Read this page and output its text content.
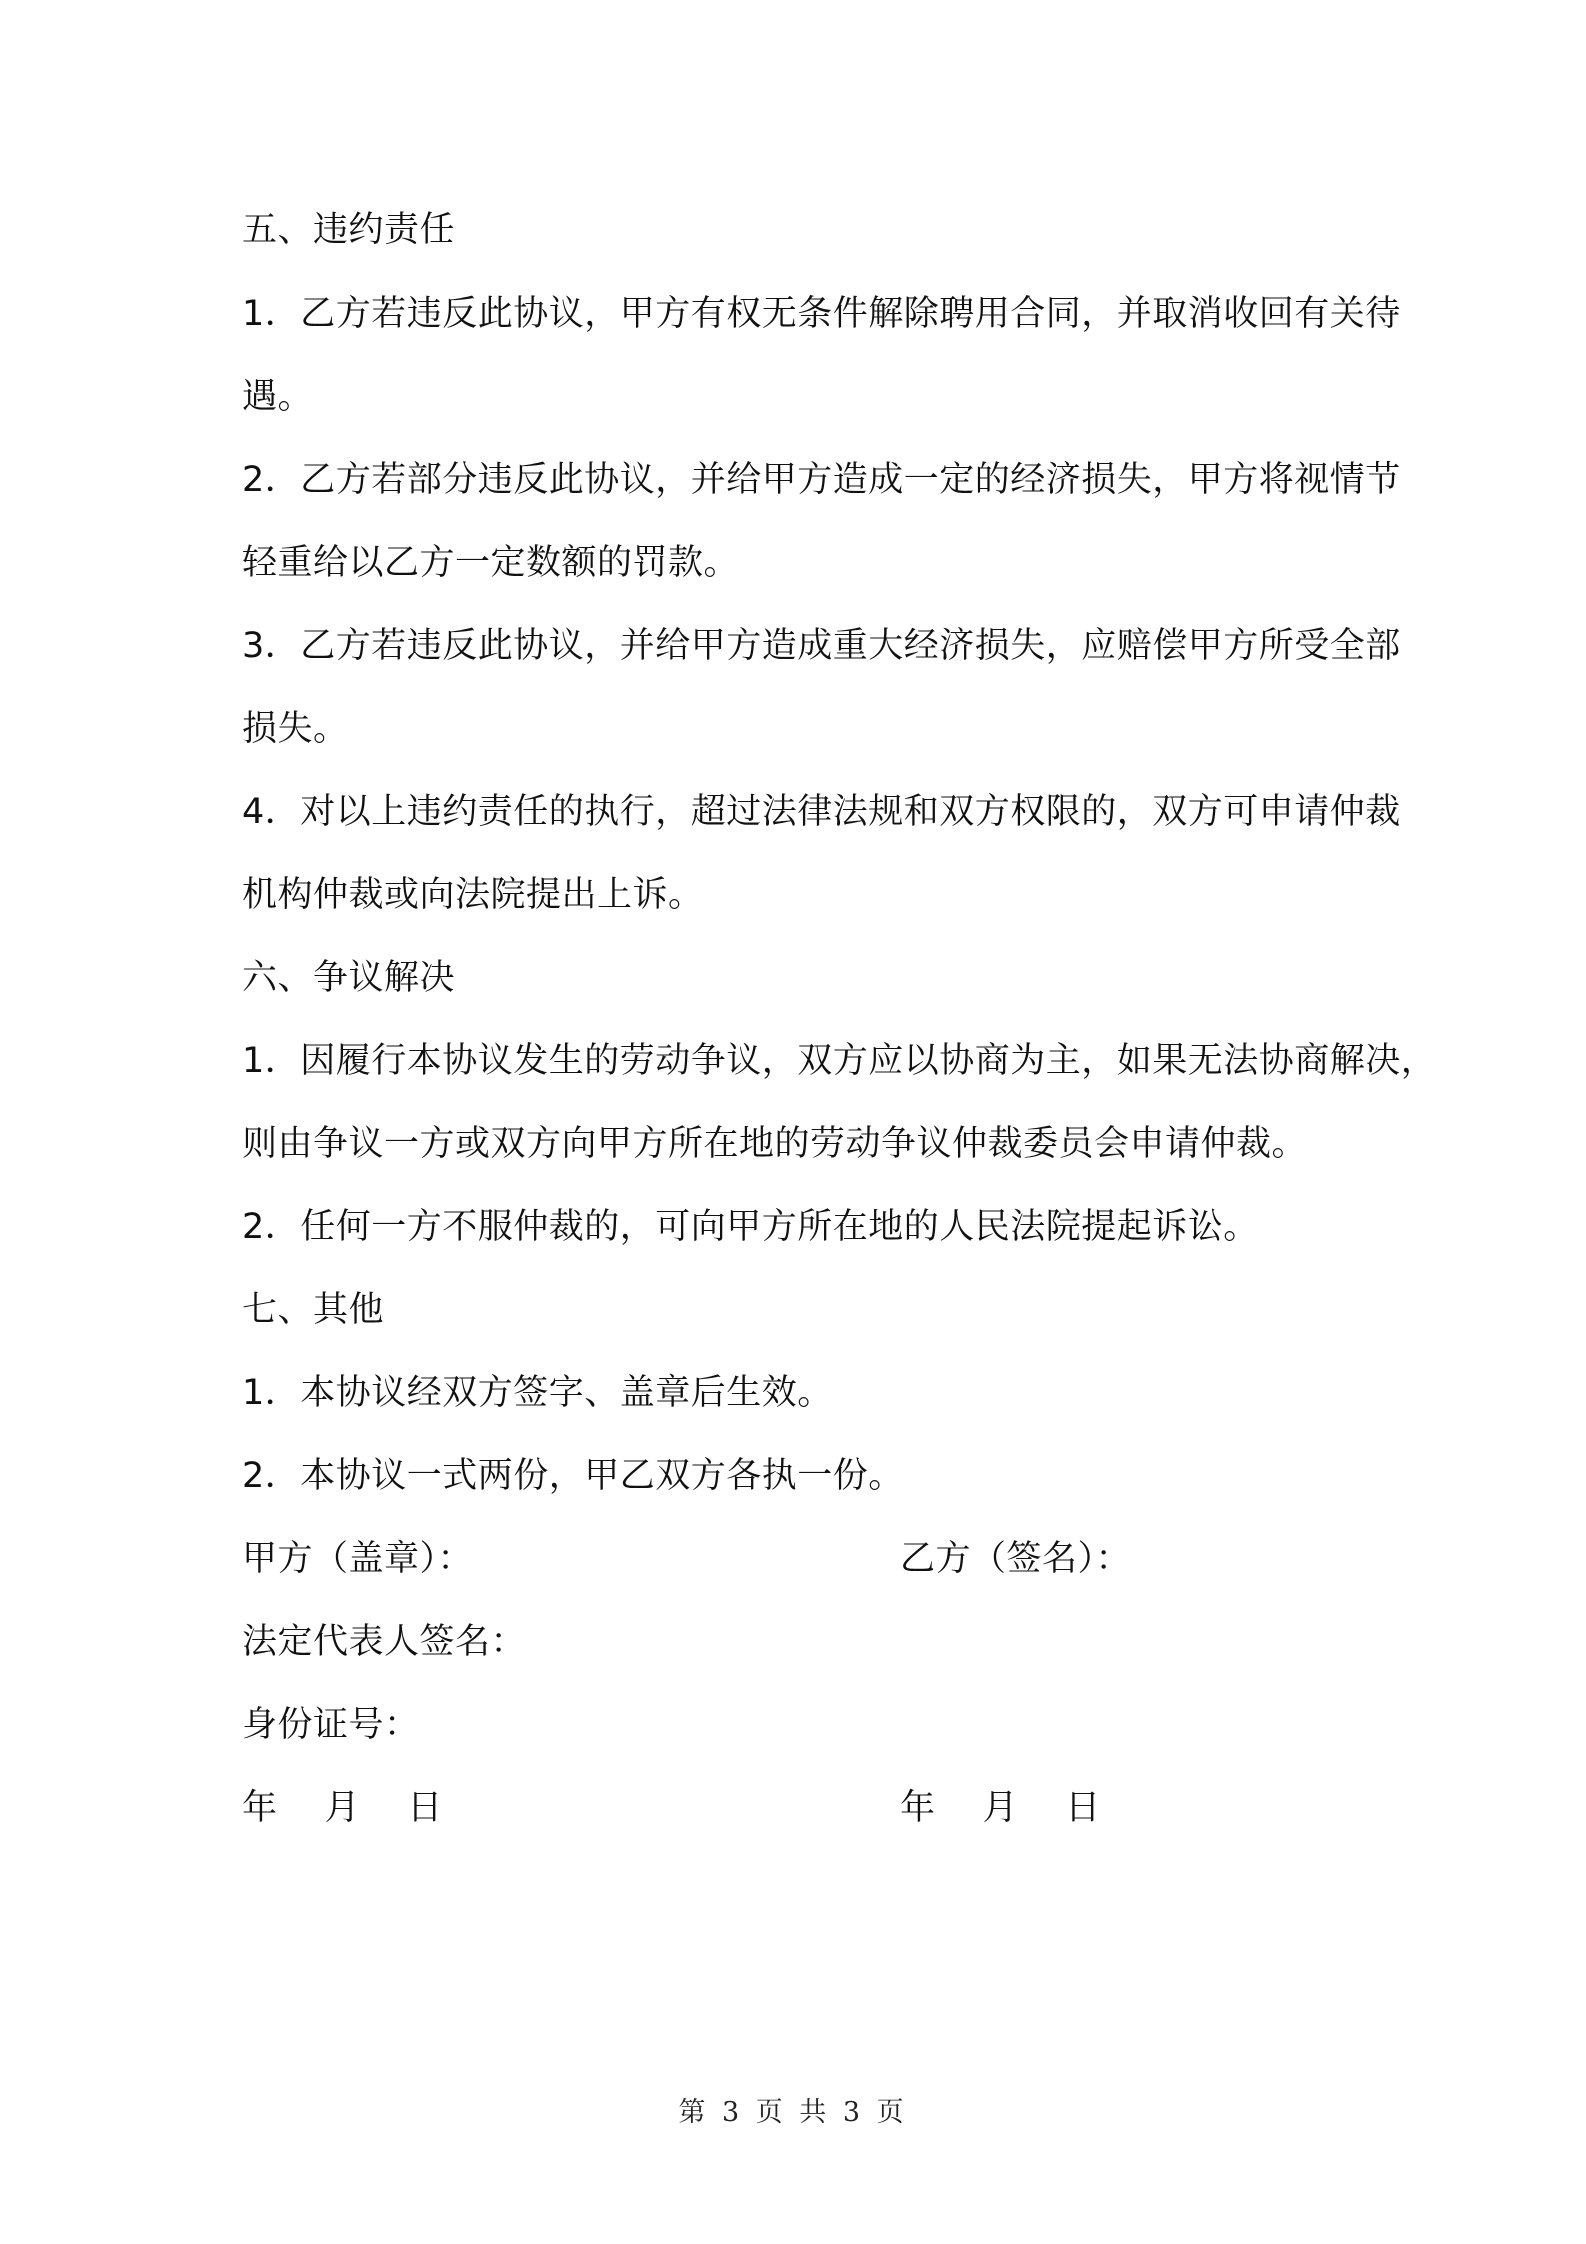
五、违约责任
1．乙方若违反此协议，甲方有权无条件解除聘用合同，并取消收回有关待
遇。
2．乙方若部分违反此协议，并给甲方造成一定的经济损失，甲方将视情节
轻重给以乙方一定数额的罚款。
3．乙方若违反此协议，并给甲方造成重大经济损失，应赔偿甲方所受全部
损失。
4．对以上违约责任的执行，超过法律法规和双方权限的，双方可申请仲裁
机构仲裁或向法院提出上诉。
六、争议解决
1．因履行本协议发生的劳动争议，双方应以协商为主，如果无法协商解决，
则由争议一方或双方向甲方所在地的劳动争议仲裁委员会申请仲裁。
2．任何一方不服仲裁的，可向甲方所在地的人民法院提起诉讼。
七、其他
1．本协议经双方签字、盖章后生效。
2．本协议一式两份，甲乙双方各执一份。
甲方（盖章）：	乙方（签名）：
法定代表人签名：
身份证号：
年　 月　 日	年　 月　 日
第 3 页 共 3 页
